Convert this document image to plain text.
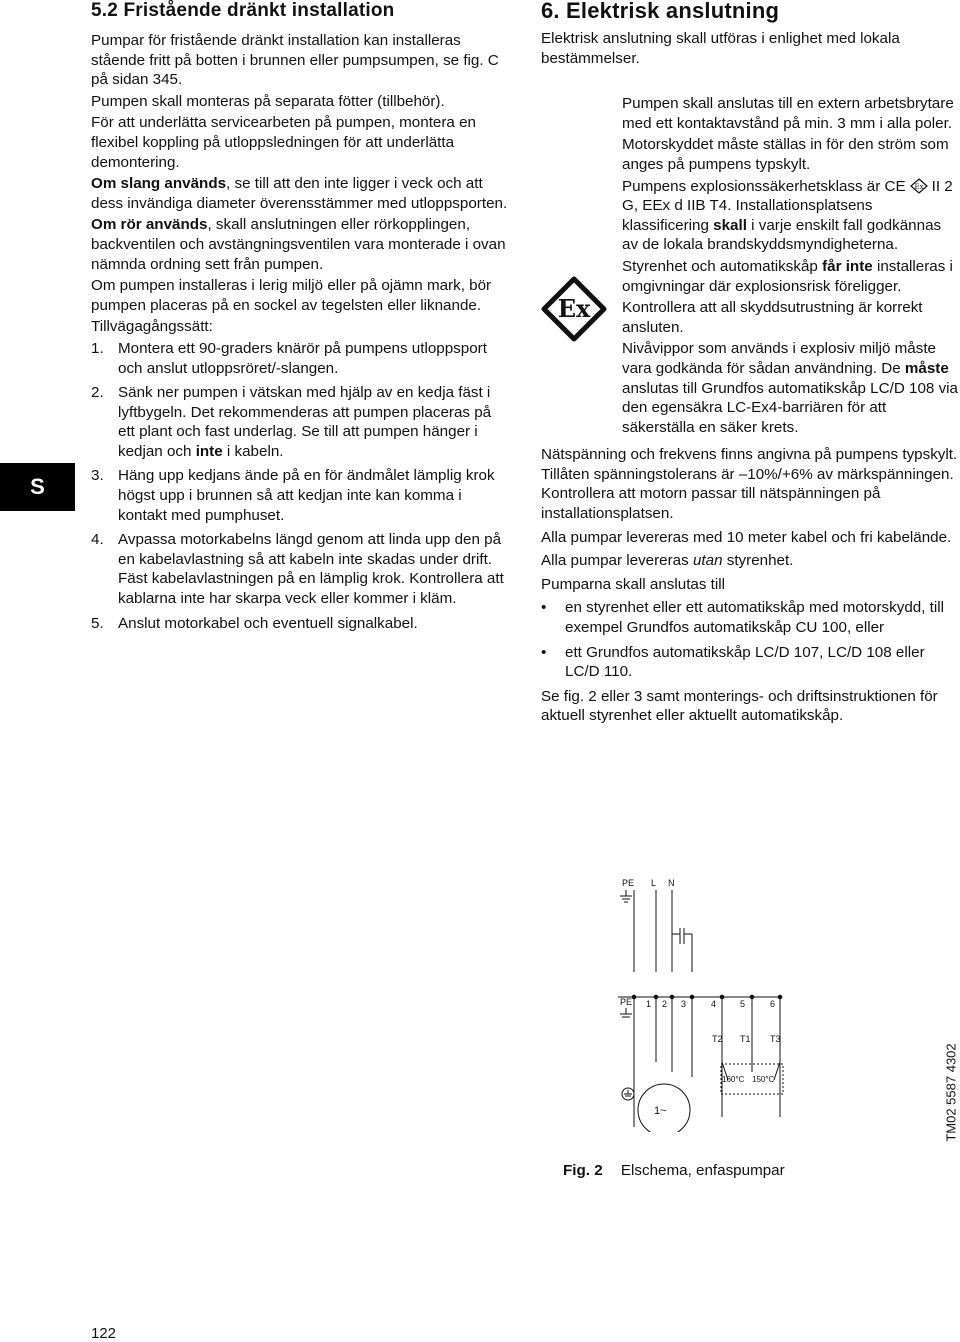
S
5.2 Fristående dränkt installation

Pumpar för fristående dränkt installation kan installeras stående fritt på botten i brunnen eller pumpsumpen, se fig. C på sidan 345.

Pumpen skall monteras på separata fötter (tillbehör).

För att underlätta servicearbeten på pumpen, montera en flexibel koppling på utloppsledningen för att underlätta demontering.

Om slang används, se till att den inte ligger i veck och att dess invändiga diameter överensstämmer med utloppsporten.

Om rör används, skall anslutningen eller rörkopplingen, backventilen och avstängningsventilen vara monterade i ovan nämnda ordning sett från pumpen.

Om pumpen installeras i lerig miljö eller på ojämn mark, bör pumpen placeras på en sockel av tegelsten eller liknande.

Tillvägagångssätt:

1. Montera ett 90-graders knärör på pumpens utloppsport och anslut utloppsröret/-slangen.
2. Sänk ner pumpen i vätskan med hjälp av en kedja fäst i lyftbygeln. Det rekommenderas att pumpen placeras på ett plant och fast underlag. Se till att pumpen hänger i kedjan och inte i kabeln.
3. Häng upp kedjans ände på en för ändmålet lämplig krok högst upp i brunnen så att kedjan inte kan komma i kontakt med pumphuset.
4. Avpassa motorkabelns längd genom att linda upp den på en kabelavlastning så att kabeln inte skadas under drift. Fäst kabelavlastningen på en lämplig krok. Kontrollera att kablarna inte har skarpa veck eller kommer i kläm.
5. Anslut motorkabel och eventuell signalkabel.
6. Elektrisk anslutning

Elektrisk anslutning skall utföras i enlighet med lokala bestämmelser.

Ex

Pumpen skall anslutas till en extern arbetsbrytare med ett kontaktavstånd på min. 3 mm i alla poler.

Motorskyddet måste ställas in för den ström som anges på pumpens typskylt.

Pumpens explosionssäkerhetsklass är CE Ex II 2 G, EEx d IIB T4. Installationsplatsens klassificering skall i varje enskilt fall godkännas av de lokala brandskyddsmyndigheterna.

Styrenhet och automatikskåp får inte installeras i omgivningar där explosionsrisk föreligger.

Kontrollera att all skyddsutrustning är korrekt ansluten.

Nivåvippor som används i explosiv miljö måste vara godkända för sådan användning. De måste anslutas till Grundfos automatikskåp LC/D 108 via den egensäkra LC-Ex4-barriären för att säkerställa en säker krets.

Nätspänning och frekvens finns angivna på pumpens typskylt. Tillåten spänningstolerans är –10%/+6% av märkspänningen. Kontrollera att motorn passar till nätspänningen på installationsplatsen.

Alla pumpar levereras med 10 meter kabel och fri kabelände.

Alla pumpar levereras utan styrenhet.

Pumparna skall anslutas till

• en styrenhet eller ett automatikskåp med motorskydd, till exempel Grundfos automatikskåp CU 100, eller
• ett Grundfos automatikskåp LC/D 107, LC/D 108 eller LC/D 110.

Se fig. 2 eller 3 samt monterings- och driftsinstruktionen för aktuell styrenhet eller aktuellt automatikskåp.

PE L N
PE 1 2 3	4	5	6
T2 T1 T3
160°C 150°C
1~
Fig. 2 Elschema, enfaspumpar
TM02 5587 4302
122
